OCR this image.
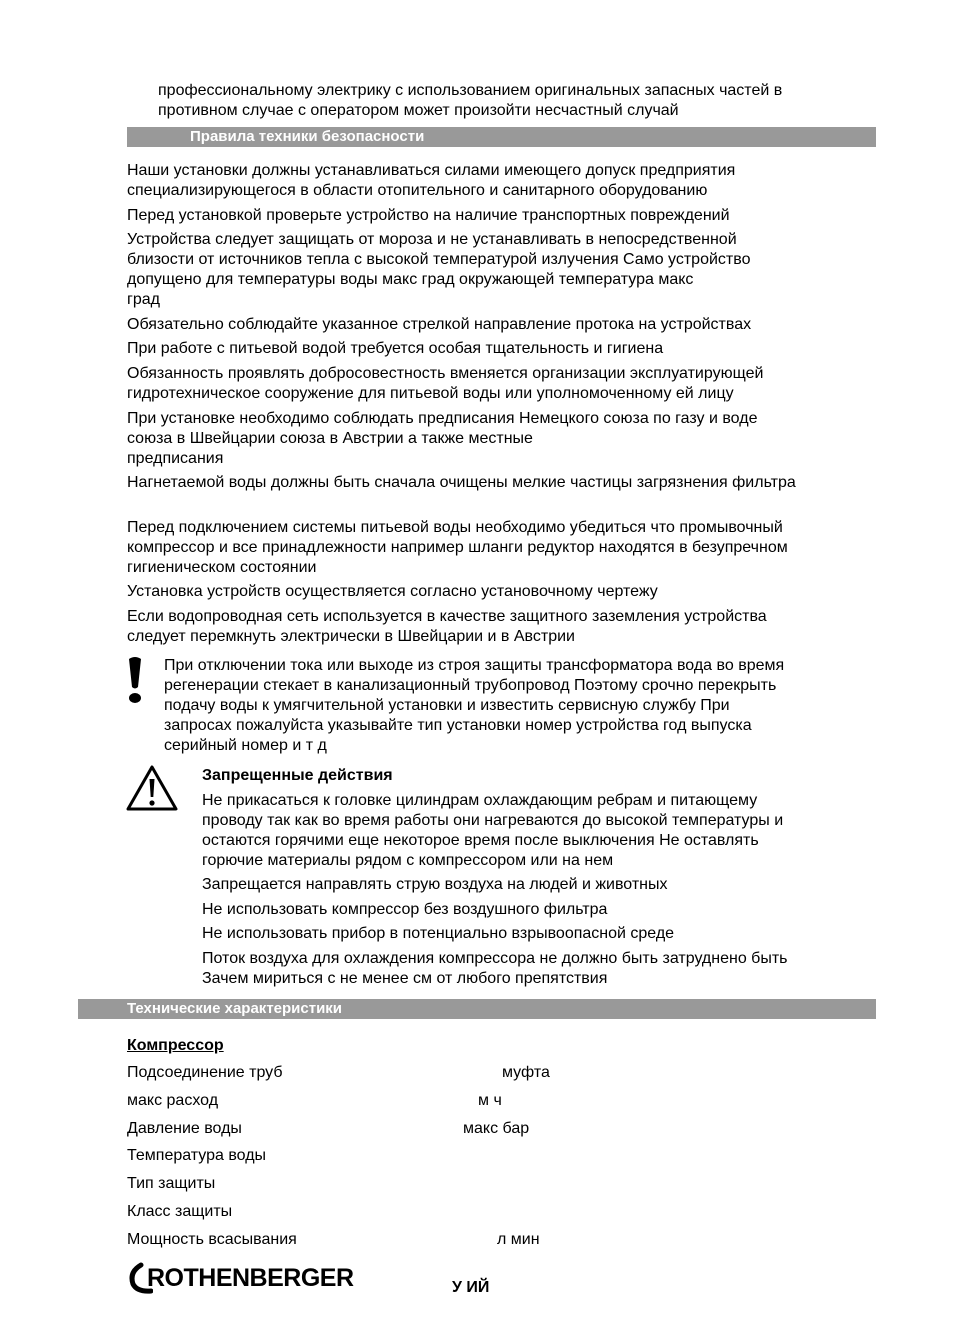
профессиональному электрику с использованием оригинальных запасных частей в
противном случае с оператором может произойти несчастный случай
Правила техники безопасности
Наши установки должны устанавливаться силами имеющего допуск предприятия
специализирующегося в области отопительного и санитарного оборудованию
Перед установкой проверьте устройство на наличие транспортных повреждений
Устройства следует защищать от мороза и не устанавливать в непосредственной
близости от источников тепла с высокой температурой излучения Само устройство
допущено для температуры воды макс град окружающей температура макс
град
Обязательно соблюдайте указанное стрелкой направление протока на устройствах
При работе с питьевой водой требуется особая тщательность и гигиена
Обязанность проявлять добросовестность вменяется организации эксплуатирующей
гидротехническое сооружение для питьевой воды или уполномоченному ей лицу
При установке необходимо соблюдать предписания Немецкого союза по газу и воде
союза в Швейцарии союза в Австрии а также местные
предписания
Нагнетаемой воды должны быть сначала очищены мелкие частицы загрязнения фильтра
Перед подключением системы питьевой воды необходимо убедиться что промывочный
компрессор и все принадлежности например шланги редуктор находятся в безупречном
гигиеническом состоянии
Установка устройств осуществляется согласно установочному чертежу
Если водопроводная сеть используется в качестве защитного заземления устройства
следует перемкнуть электрически в Швейцарии и в Австрии
При отключении тока или выходе из строя защиты трансформатора вода во время
регенерации стекает в канализационный трубопровод Поэтому срочно перекрыть
подачу воды к умягчительной установки и известить сервисную службу При
запросах пожалуйста указывайте тип установки номер устройства год выпуска
серийный номер и т д
Запрещенные действия
Не прикасаться к головке цилиндрам охлаждающим ребрам и питающему
проводу так как во время работы они нагреваются до высокой температуры и
остаются горячими еще некоторое время после выключения Не оставлять
горючие материалы рядом с компрессором или на нем
Запрещается направлять струю воздуха на людей и животных
Не использовать компрессор без воздушного фильтра
Не использовать прибор в потенциально взрывоопасной среде
Поток воздуха для охлаждения компрессора не должно быть затруднено быть
Зачем мириться с не менее см от любого препятствия
Технические характеристики
Компрессор
Подсоединение труб	муфта
макс расход	м ч
Давление воды	макс бар
Температура воды
Тип защиты
Класс защиты
Мощность всасывания	л мин
ROTHENBERGER	У ИЙ
